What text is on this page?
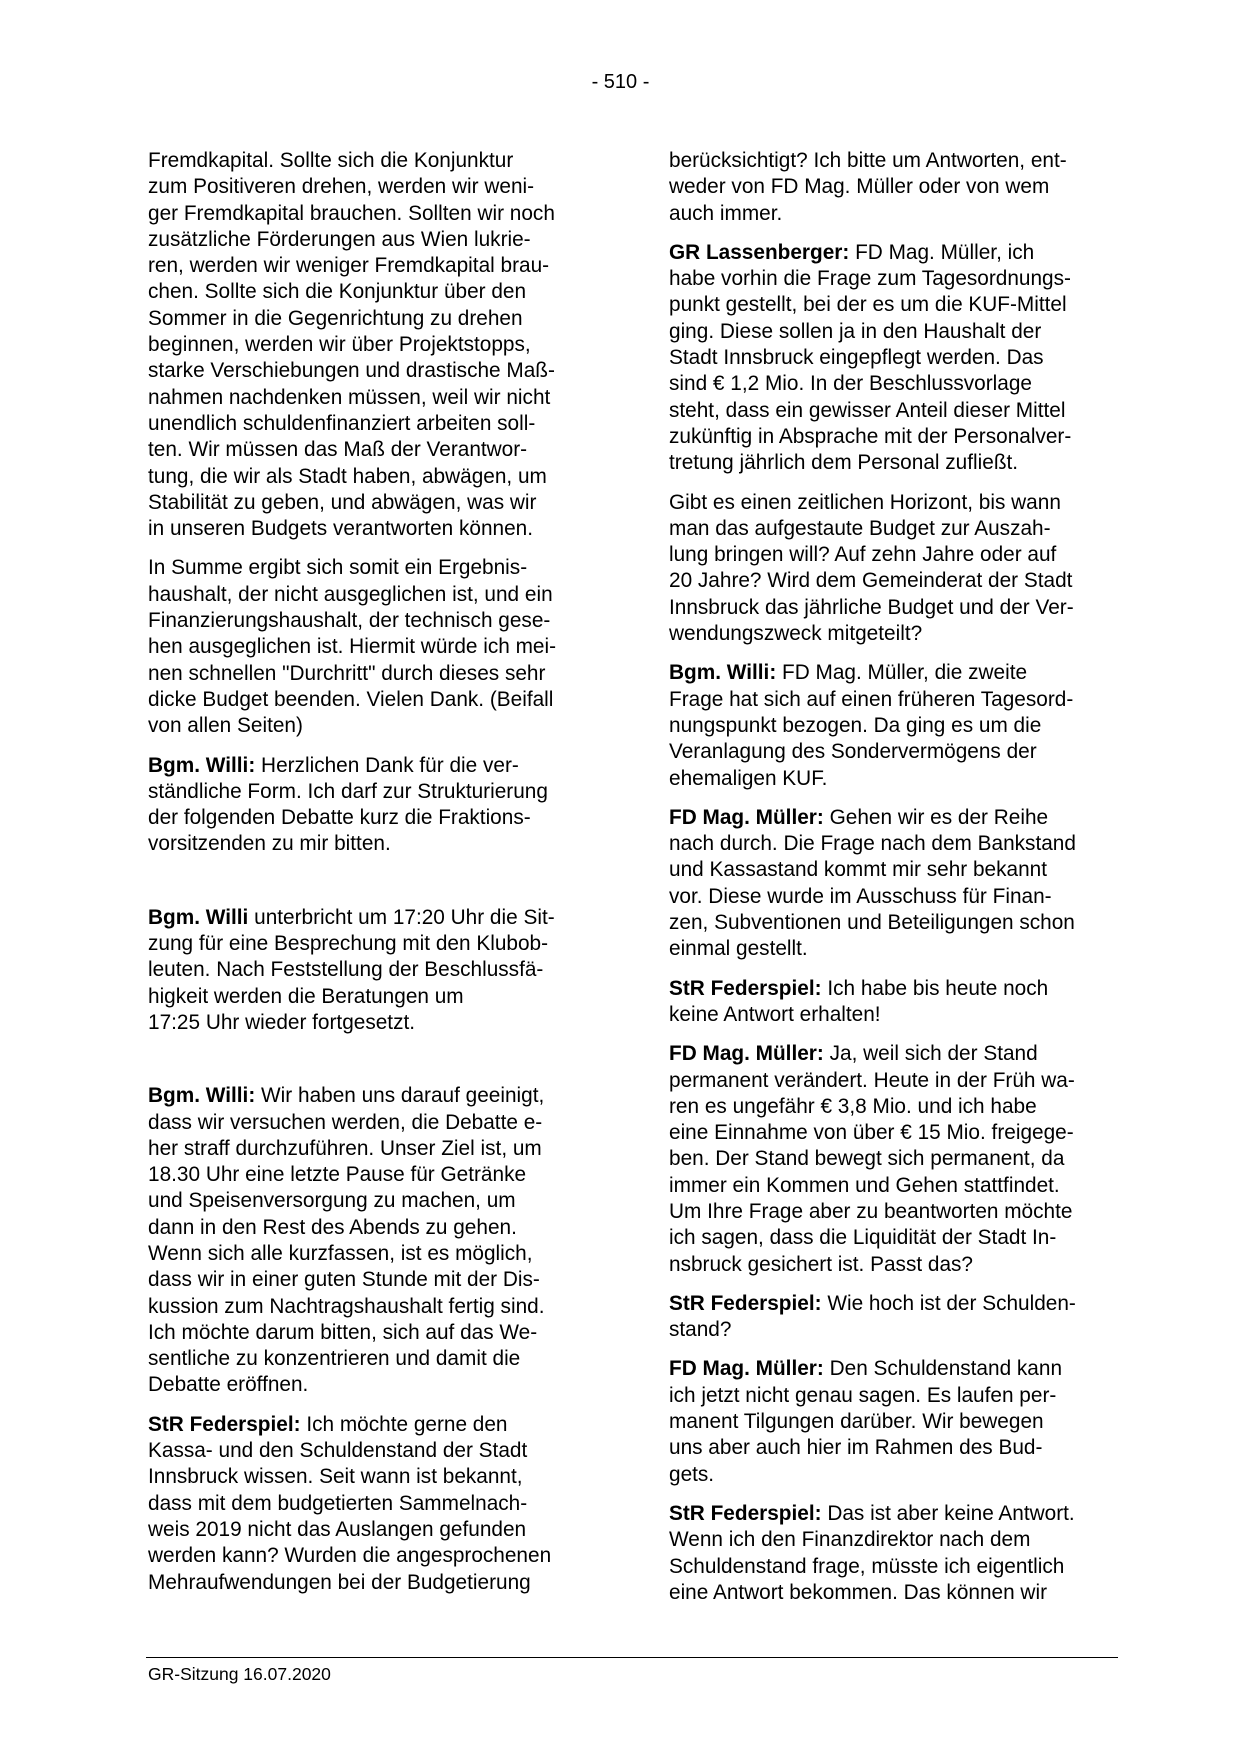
- 510 -

Fremdkapital. Sollte sich die Konjunktur
zum Positiveren drehen, werden wir weni-
ger Fremdkapital brauchen. Sollten wir noch
zusätzliche Förderungen aus Wien lukrie-
ren, werden wir weniger Fremdkapital brau-
chen. Sollte sich die Konjunktur über den
Sommer in die Gegenrichtung zu drehen
beginnen, werden wir über Projektstopps,
starke Verschiebungen und drastische Maß-
nahmen nachdenken müssen, weil wir nicht
unendlich schuldenfinanziert arbeiten soll-
ten. Wir müssen das Maß der Verantwor-
tung, die wir als Stadt haben, abwägen, um
Stabilität zu geben, und abwägen, was wir
in unseren Budgets verantworten können.

In Summe ergibt sich somit ein Ergebnis-
haushalt, der nicht ausgeglichen ist, und ein
Finanzierungshaushalt, der technisch gese-
hen ausgeglichen ist. Hiermit würde ich mei-
nen schnellen "Durchritt" durch dieses sehr
dicke Budget beenden. Vielen Dank. (Beifall
von allen Seiten)

Bgm. Willi: Herzlichen Dank für die ver-
ständliche Form. Ich darf zur Strukturierung
der folgenden Debatte kurz die Fraktions-
vorsitzenden zu mir bitten.

Bgm. Willi unterbricht um 17:20 Uhr die Sit-
zung für eine Besprechung mit den Klubob-
leuten. Nach Feststellung der Beschlussfä-
higkeit werden die Beratungen um
17:25 Uhr wieder fortgesetzt.

Bgm. Willi: Wir haben uns darauf geeinigt,
dass wir versuchen werden, die Debatte e-
her straff durchzuführen. Unser Ziel ist, um
18.30 Uhr eine letzte Pause für Getränke
und Speisenversorgung zu machen, um
dann in den Rest des Abends zu gehen.
Wenn sich alle kurzfassen, ist es möglich,
dass wir in einer guten Stunde mit der Dis-
kussion zum Nachtragshaushalt fertig sind.
Ich möchte darum bitten, sich auf das We-
sentliche zu konzentrieren und damit die
Debatte eröffnen.

StR Federspiel: Ich möchte gerne den
Kassa- und den Schuldenstand der Stadt
Innsbruck wissen. Seit wann ist bekannt,
dass mit dem budgetierten Sammelnach-
weis 2019 nicht das Auslangen gefunden
werden kann? Wurden die angesprochenen
Mehraufwendungen bei der Budgetierung

berücksichtigt? Ich bitte um Antworten, ent-
weder von FD Mag. Müller oder von wem
auch immer.

GR Lassenberger: FD Mag. Müller, ich
habe vorhin die Frage zum Tagesordnungs-
punkt gestellt, bei der es um die KUF-Mittel
ging. Diese sollen ja in den Haushalt der
Stadt Innsbruck eingepflegt werden. Das
sind € 1,2 Mio. In der Beschlussvorlage
steht, dass ein gewisser Anteil dieser Mittel
zukünftig in Absprache mit der Personalver-
tretung jährlich dem Personal zufließt.

Gibt es einen zeitlichen Horizont, bis wann
man das aufgestaute Budget zur Auszah-
lung bringen will? Auf zehn Jahre oder auf
20 Jahre? Wird dem Gemeinderat der Stadt
Innsbruck das jährliche Budget und der Ver-
wendungszweck mitgeteilt?

Bgm. Willi: FD Mag. Müller, die zweite
Frage hat sich auf einen früheren Tagesord-
nungspunkt bezogen. Da ging es um die
Veranlagung des Sondervermögens der
ehemaligen KUF.

FD Mag. Müller: Gehen wir es der Reihe
nach durch. Die Frage nach dem Bankstand
und Kassastand kommt mir sehr bekannt
vor. Diese wurde im Ausschuss für Finan-
zen, Subventionen und Beteiligungen schon
einmal gestellt.

StR Federspiel: Ich habe bis heute noch
keine Antwort erhalten!

FD Mag. Müller: Ja, weil sich der Stand
permanent verändert. Heute in der Früh wa-
ren es ungefähr € 3,8 Mio. und ich habe
eine Einnahme von über € 15 Mio. freigege-
ben. Der Stand bewegt sich permanent, da
immer ein Kommen und Gehen stattfindet.
Um Ihre Frage aber zu beantworten möchte
ich sagen, dass die Liquidität der Stadt In-
nsbruck gesichert ist. Passt das?

StR Federspiel: Wie hoch ist der Schulden-
stand?

FD Mag. Müller: Den Schuldenstand kann
ich jetzt nicht genau sagen. Es laufen per-
manent Tilgungen darüber. Wir bewegen
uns aber auch hier im Rahmen des Bud-
gets.

StR Federspiel: Das ist aber keine Antwort.
Wenn ich den Finanzdirektor nach dem
Schuldenstand frage, müsste ich eigentlich
eine Antwort bekommen. Das können wir

GR-Sitzung 16.07.2020
